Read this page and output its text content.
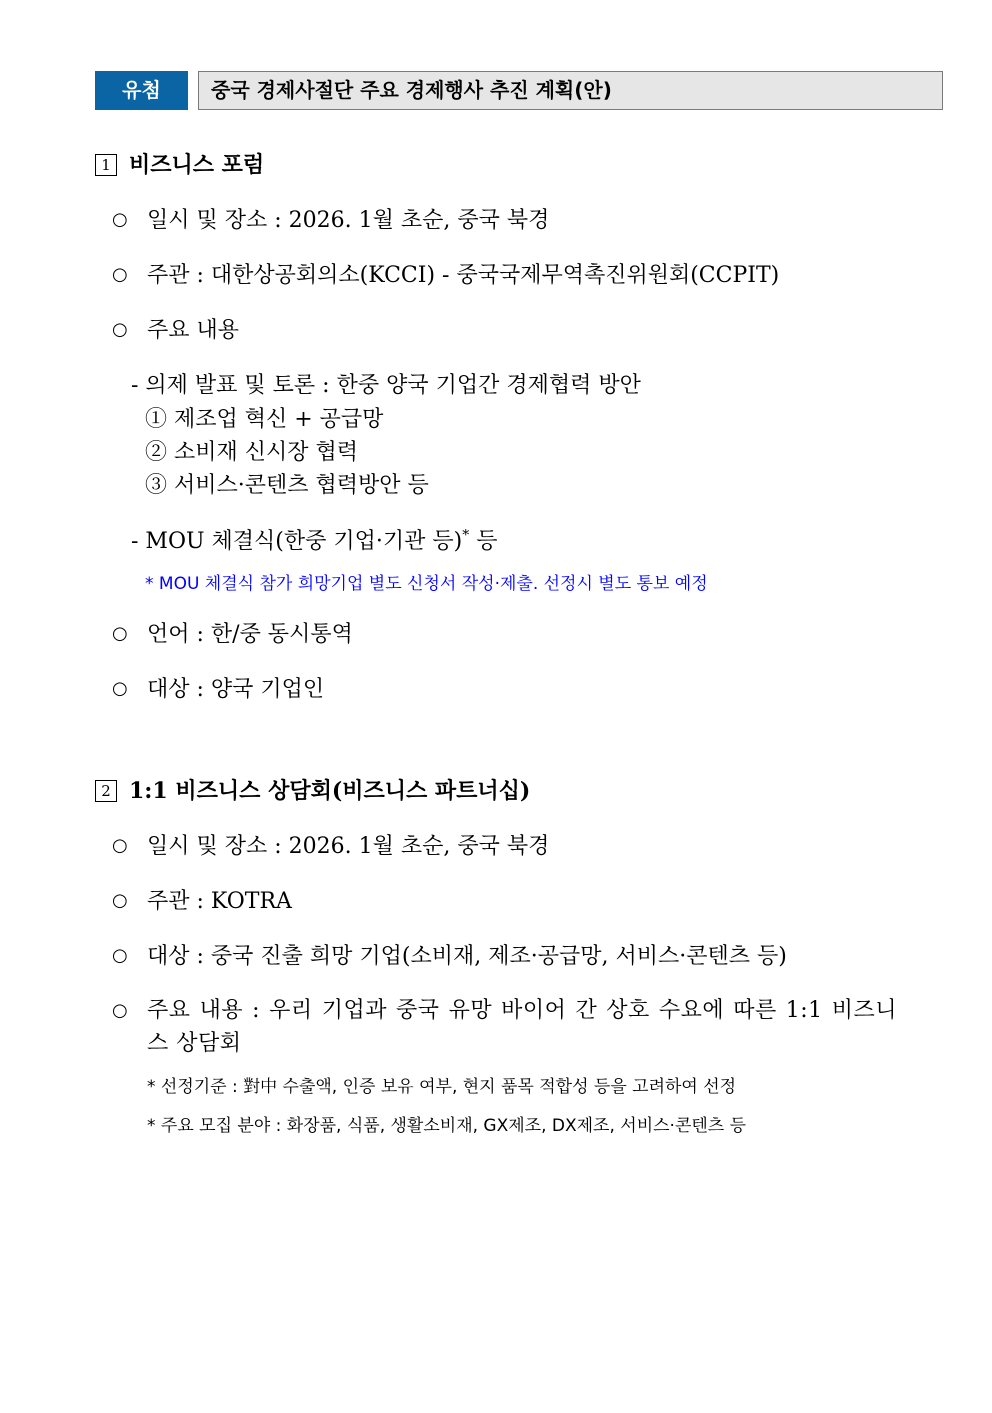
유첨	중국 경제사절단 주요 경제행사 추진 계획(안)
1 비즈니스 포럼
○ 일시 및 장소 : 2026. 1월 초순, 중국 북경
○ 주관 : 대한상공회의소(KCCI) - 중국국제무역촉진위원회(CCPIT)
○ 주요 내용
- 의제 발표 및 토론 : 한중 양국 기업간 경제협력 방안
① 제조업 혁신 + 공급망
② 소비재 신시장 협력
③ 서비스·콘텐츠 협력방안 등
- MOU 체결식(한중 기업·기관 등)* 등
* MOU 체결식 참가 희망기업 별도 신청서 작성·제출. 선정시 별도 통보 예정
○ 언어 : 한/중 동시통역
○ 대상 : 양국 기업인
2 1:1 비즈니스 상담회(비즈니스 파트너십)
○ 일시 및 장소 : 2026. 1월 초순, 중국 북경
○ 주관 : KOTRA
○ 대상 : 중국 진출 희망 기업(소비재, 제조·공급망, 서비스·콘텐츠 등)
○ 주요 내용 : 우리 기업과 중국 유망 바이어 간 상호 수요에 따른 1:1 비즈니스 상담회
* 선정기준 : 對中 수출액, 인증 보유 여부, 현지 품목 적합성 등을 고려하여 선정
* 주요 모집 분야 : 화장품, 식품, 생활소비재, GX제조, DX제조, 서비스·콘텐츠 등
